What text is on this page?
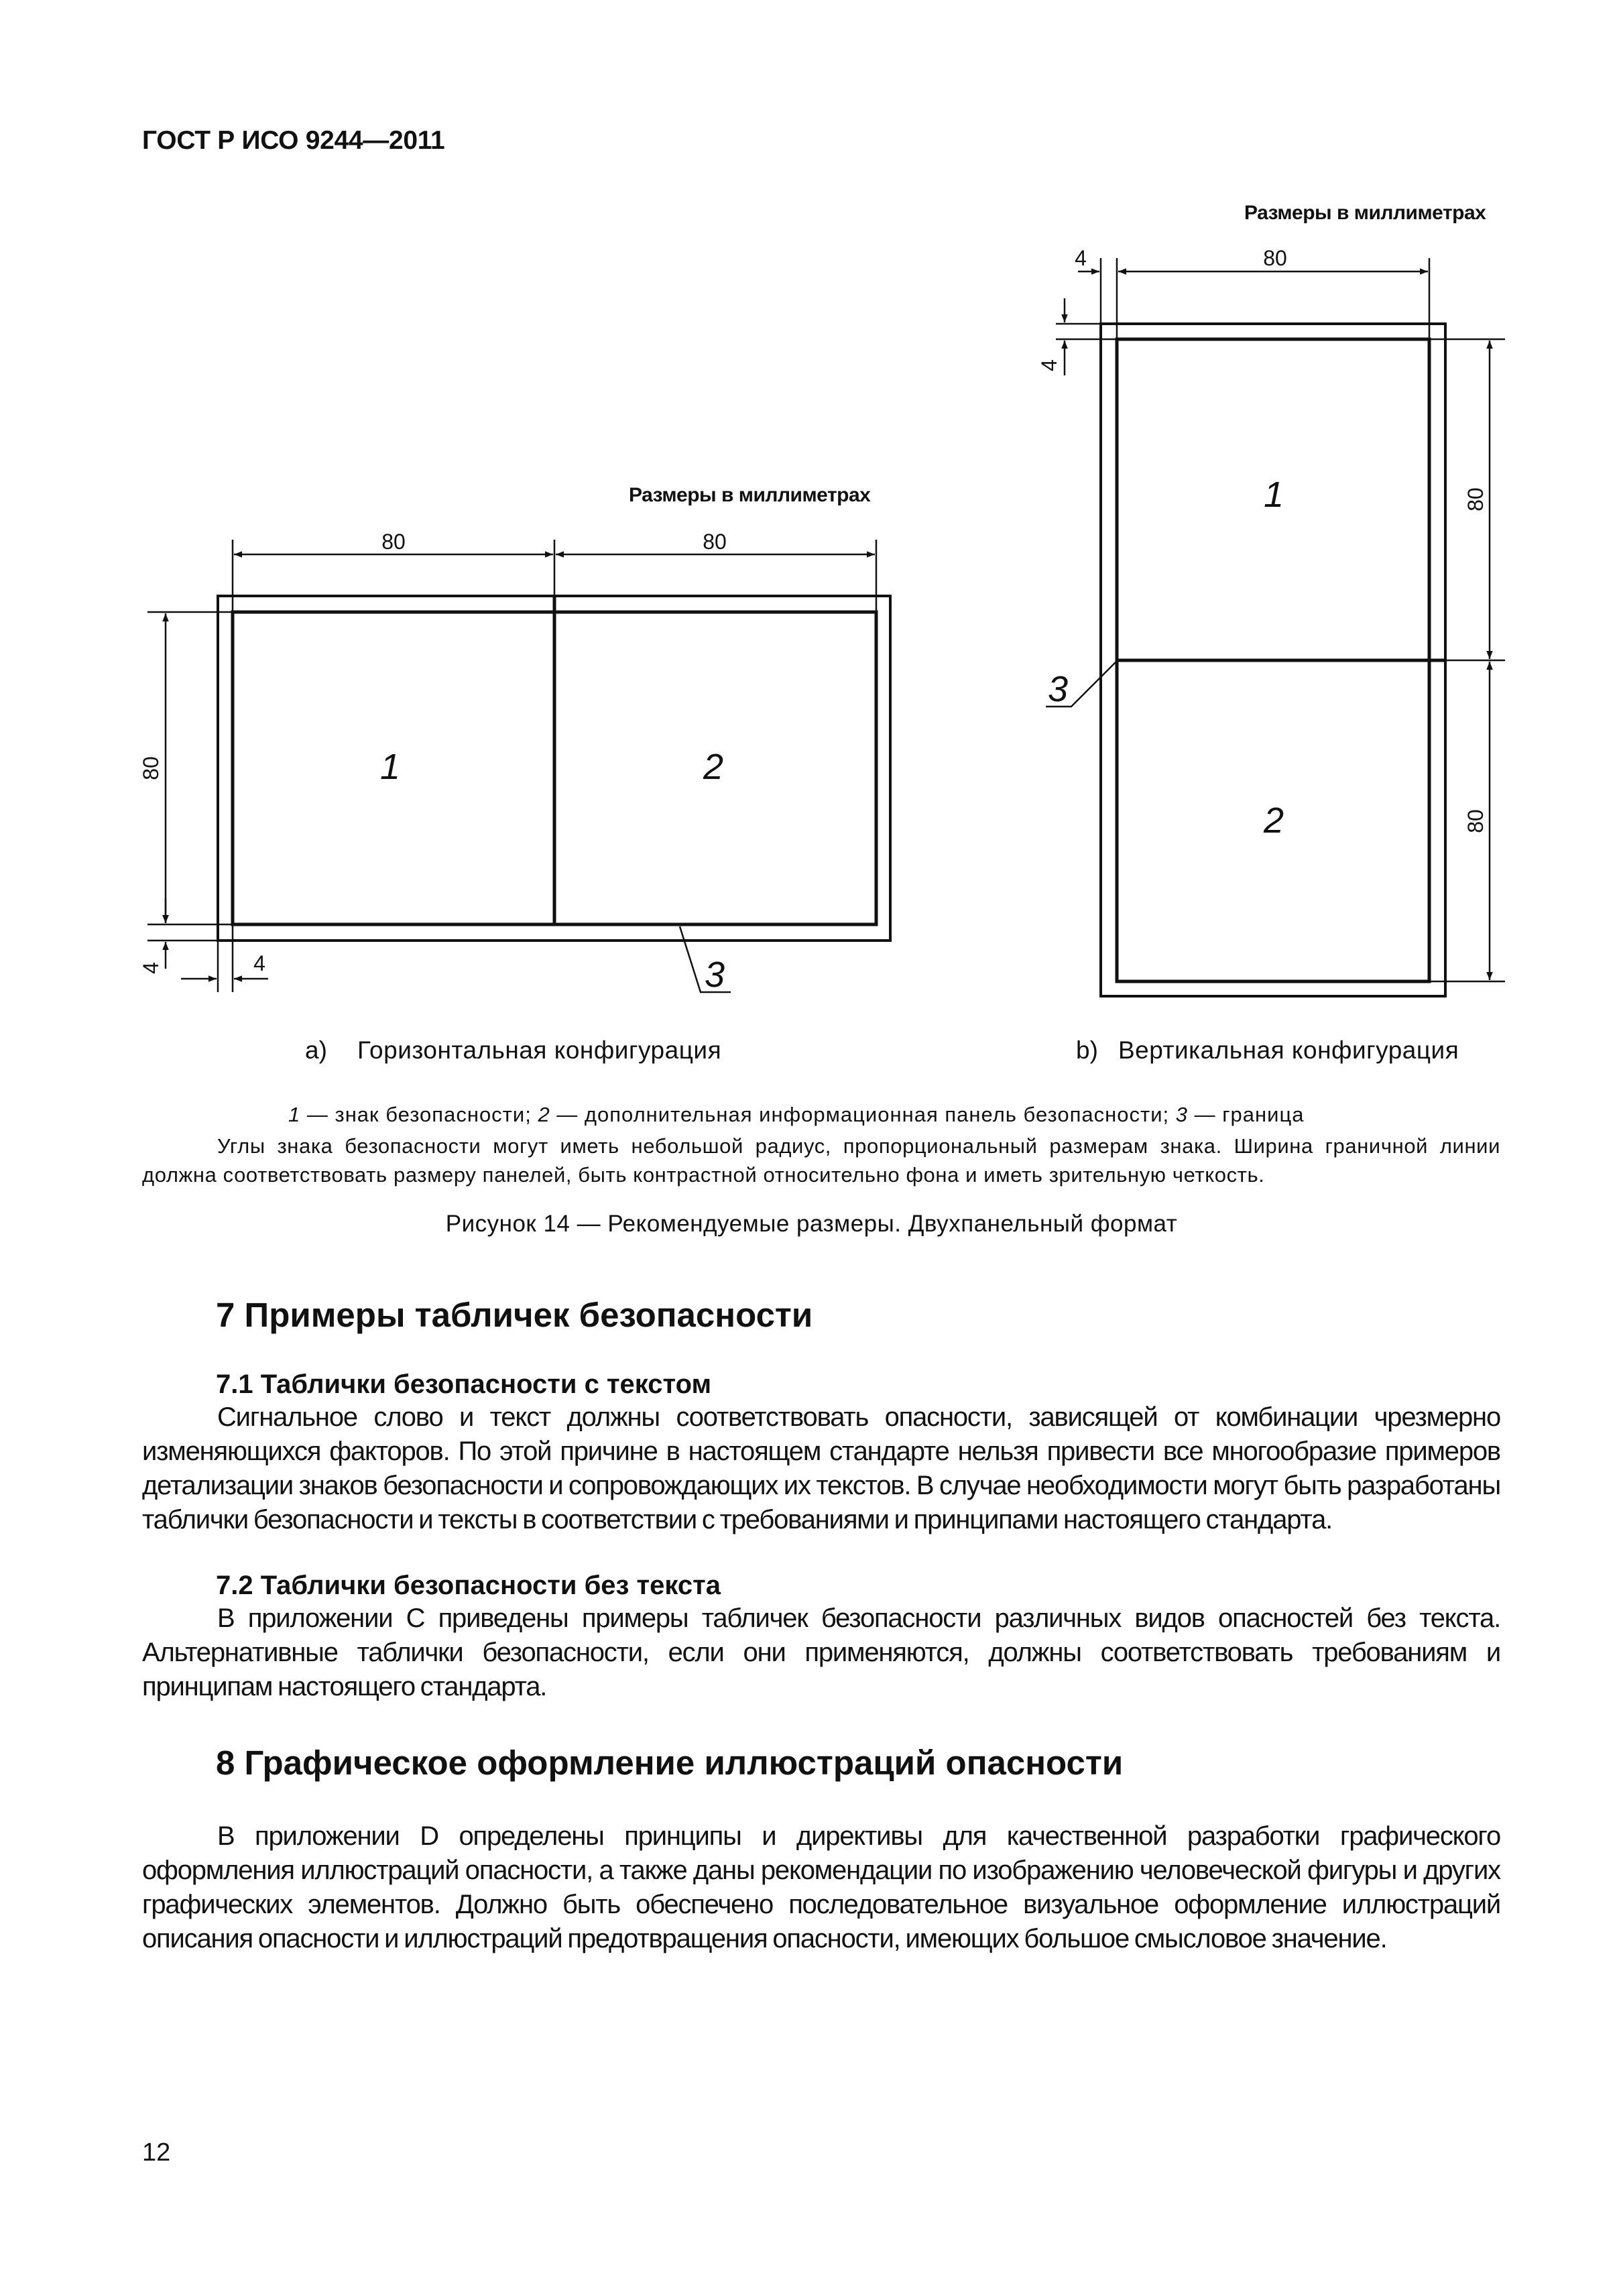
ГОСТ Р ИСО 9244—2011
80	80
80
4	4
1	2
3
4	80
4
80
80
1
2
3
Размеры в миллиметрах
Размеры в миллиметрах
а) Горизонтальная конфигурация	b) Вертикальная конфигурация
1 — знак безопасности; 2 — дополнительная информационная панель безопасности; 3 — граница
Углы знака безопасности могут иметь небольшой радиус, пропорциональный размерам знака. Ширина граничной линии должна соответствовать размеру панелей, быть контрастной относительно фона и иметь зрительную четкость.
Рисунок 14 — Рекомендуемые размеры. Двухпанельный формат
7 Примеры табличек безопасности
7.1 Таблички безопасности с текстом
Сигнальное слово и текст должны соответствовать опасности, зависящей от комбинации чрезмерно изменяющихся факторов. По этой причине в настоящем стандарте нельзя привести все многообразие примеров детализации знаков безопасности и сопровождающих их текстов. В случае необходимости могут быть разработаны таблички безопасности и тексты в соответствии с требованиями и принципами настоящего стандарта.
7.2 Таблички безопасности без текста
В приложении С приведены примеры табличек безопасности различных видов опасностей без текста. Альтернативные таблички безопасности, если они применяются, должны соответствовать требованиям и принципам настоящего стандарта.
8 Графическое оформление иллюстраций опасности
В приложении D определены принципы и директивы для качественной разработки графического оформления иллюстраций опасности, а также даны рекомендации по изображению человеческой фигуры и других графических элементов. Должно быть обеспечено последовательное визуальное оформление иллюстраций описания опасности и иллюстраций предотвращения опасности, имеющих большое смысловое значение.
12
